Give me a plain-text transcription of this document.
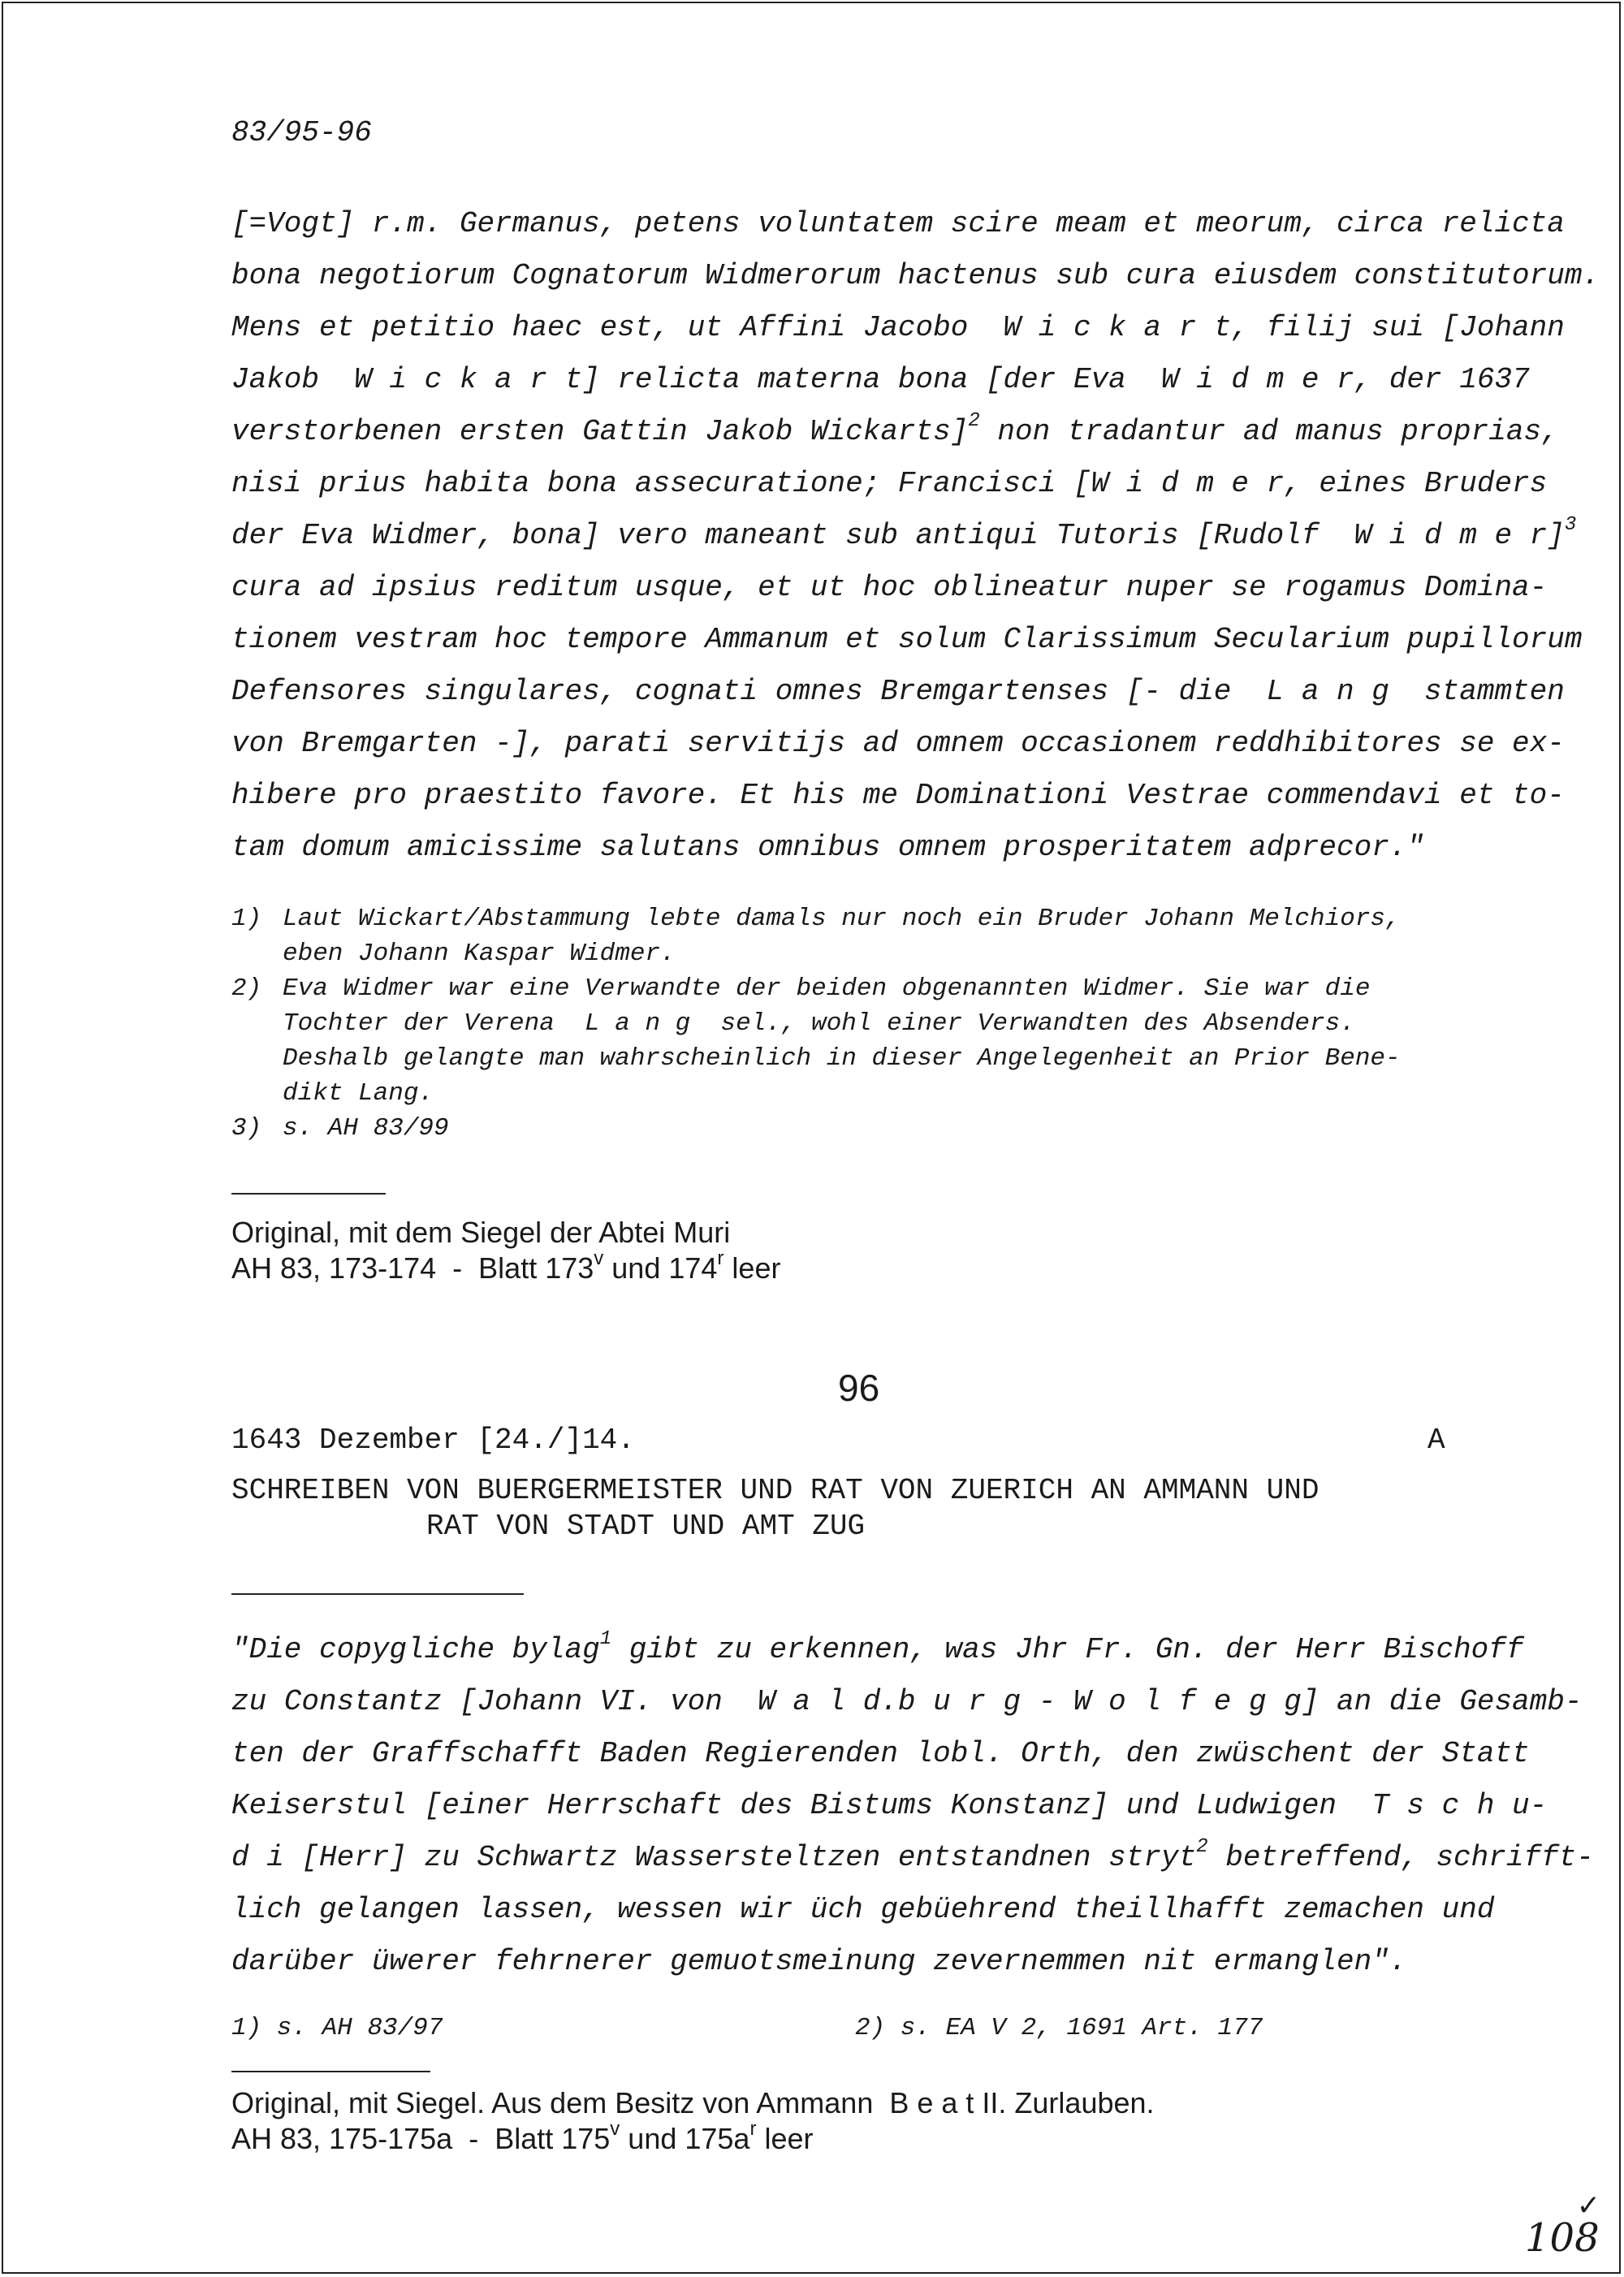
83/95-96
[=Vogt] r.m. Germanus, petens voluntatem scire meam et meorum, circa relicta
bona negotiorum Cognatorum Widmerorum hactenus sub cura eiusdem constitutorum.
Mens et petitio haec est, ut Affini Jacobo  W i c k a r t, filij sui [Johann
Jakob  W i c k a r t] relicta materna bona [der Eva  W i d m e r, der 1637
verstorbenen ersten Gattin Jakob Wickarts]$^2$ non tradantur ad manus proprias,
nisi prius habita bona assecuratione; Francisci [W i d m e r, eines Bruders
der Eva Widmer, bona] vero maneant sub antiqui Tutoris [Rudolf  W i d m e r]$^3$
cura ad ipsius reditum usque, et ut hoc oblineatur nuper se rogamus Domina-
tionem vestram hoc tempore Ammanum et solum Clarissimum Secularium pupillorum
Defensores singulares, cognati omnes Bremgartenses [- die  L a n g  stammten
von Bremgarten -], parati servitijs ad omnem occasionem reddhibitores se ex-
hibere pro praestito favore. Et his me Dominationi Vestrae commendavi et to-
tam domum amicissime salutans omnibus omnem prosperitatem adprecor."
1) Laut Wickart/Abstammung lebte damals nur noch ein Bruder Johann Melchiors,
eben Johann Kaspar Widmer.
2) Eva Widmer war eine Verwandte der beiden obgenannten Widmer. Sie war die
Tochter der Verena  L a n g  sel., wohl einer Verwandten des Absenders.
Deshalb gelangte man wahrscheinlich in dieser Angelegenheit an Prior Bene-
dikt Lang.
3) s. AH 83/99
Original, mit dem Siegel der Abtei Muri
AH 83, 173-174  -  Blatt 173$^v$ und 174$^r$ leer
96
1643 Dezember [24./]14.	A
SCHREIBEN VON BUERGERMEISTER UND RAT VON ZUERICH AN AMMANN UND
RAT VON STADT UND AMT ZUG
"Die copygliche bylag$^1$ gibt zu erkennen, was Jhr Fr. Gn. der Herr Bischoff
zu Constantz [Johann VI. von  W a l d.b u r g - W o l f e g g] an die Gesamb-
ten der Graffschafft Baden Regierenden lobl. Orth, den zwüschent der Statt
Keiserstul [einer Herrschaft des Bistums Konstanz] und Ludwigen  T s c h u-
d i [Herr] zu Schwartz Wassersteltzen entstandnen stryt$^2$ betreffend, schrifft-
lich gelangen lassen, wessen wir üch gebüehrend theillhafft zemachen und
darüber üwerer fehrnerer gemuotsmeinung zevernemmen nit ermanglen".
1) s. AH 83/97	2) s. EA V 2, 1691 Art. 177
Original, mit Siegel. Aus dem Besitz von Ammann  B e a t II. Zurlauben.
AH 83, 175-175a  -  Blatt 175$^v$ und $175a^r$ leer
✓
108
